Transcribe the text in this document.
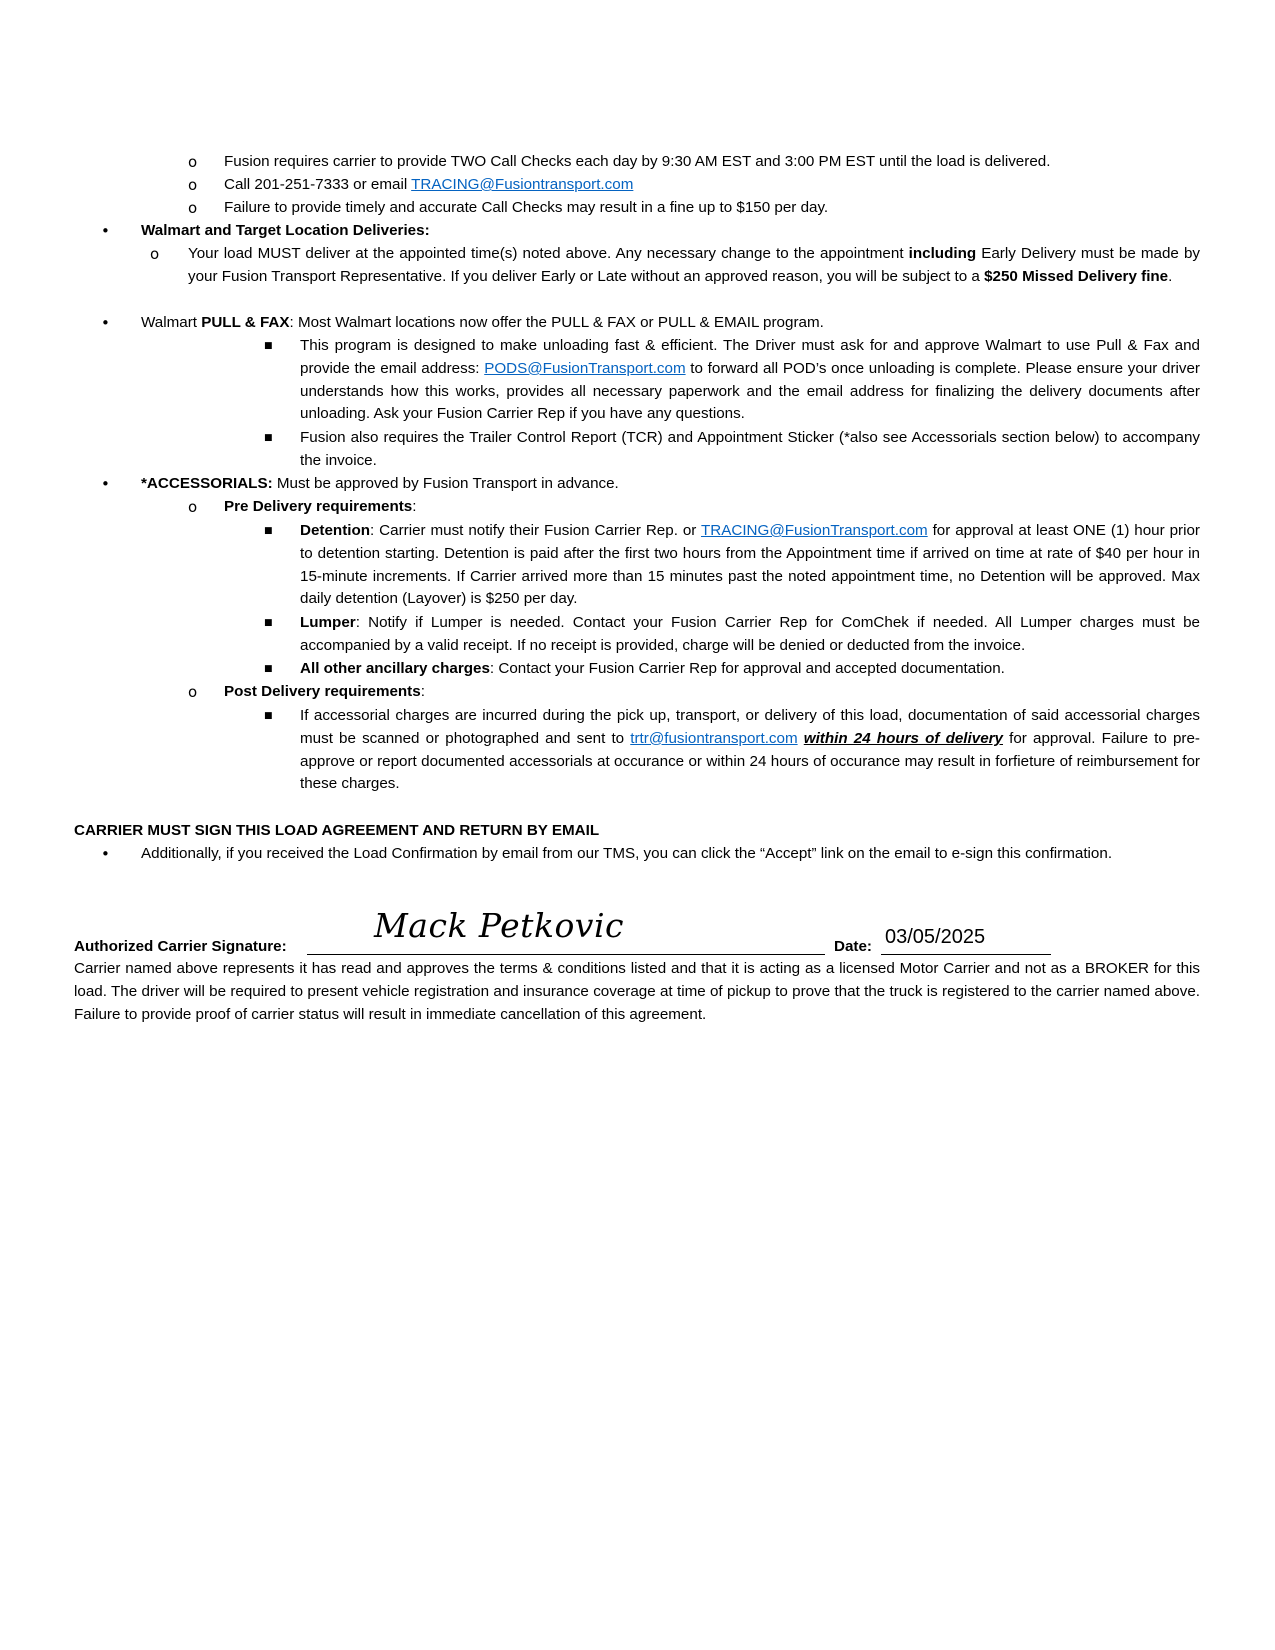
o Fusion requires carrier to provide TWO Call Checks each day by 9:30 AM EST and 3:00 PM EST until the load is delivered.
o Call 201-251-7333 or email TRACING@Fusiontransport.com
o Failure to provide timely and accurate Call Checks may result in a fine up to $150 per day.
• Walmart and Target Location Deliveries:
o Your load MUST deliver at the appointed time(s) noted above. Any necessary change to the appointment including Early Delivery must be made by your Fusion Transport Representative. If you deliver Early or Late without an approved reason, you will be subject to a $250 Missed Delivery fine.
• Walmart PULL & FAX: Most Walmart locations now offer the PULL & FAX or PULL & EMAIL program.
■ This program is designed to make unloading fast & efficient. The Driver must ask for and approve Walmart to use Pull & Fax and provide the email address: PODS@FusionTransport.com to forward all POD’s once unloading is complete. Please ensure your driver understands how this works, provides all necessary paperwork and the email address for finalizing the delivery documents after unloading. Ask your Fusion Carrier Rep if you have any questions.
■ Fusion also requires the Trailer Control Report (TCR) and Appointment Sticker (*also see Accessorials section below) to accompany the invoice.
• *ACCESSORIALS: Must be approved by Fusion Transport in advance.
o Pre Delivery requirements:
■ Detention: Carrier must notify their Fusion Carrier Rep. or TRACING@FusionTransport.com for approval at least ONE (1) hour prior to detention starting. Detention is paid after the first two hours from the Appointment time if arrived on time at rate of $40 per hour in 15-minute increments. If Carrier arrived more than 15 minutes past the noted appointment time, no Detention will be approved. Max daily detention (Layover) is $250 per day.
■ Lumper: Notify if Lumper is needed. Contact your Fusion Carrier Rep for ComChek if needed. All Lumper charges must be accompanied by a valid receipt. If no receipt is provided, charge will be denied or deducted from the invoice.
■ All other ancillary charges: Contact your Fusion Carrier Rep for approval and accepted documentation.
o Post Delivery requirements:
■ If accessorial charges are incurred during the pick up, transport, or delivery of this load, documentation of said accessorial charges must be scanned or photographed and sent to trtr@fusiontransport.com within 24 hours of delivery for approval. Failure to pre-approve or report documented accessorials at occurance or within 24 hours of occurance may result in forfieture of reimbursement for these charges.
CARRIER MUST SIGN THIS LOAD AGREEMENT AND RETURN BY EMAIL
• Additionally, if you received the Load Confirmation by email from our TMS, you can click the “Accept” link on the email to e-sign this confirmation.
Authorized Carrier Signature:
Mack Petkovic
Date: 03/05/2025
Carrier named above represents it has read and approves the terms & conditions listed and that it is acting as a licensed Motor Carrier and not as a BROKER for this load. The driver will be required to present vehicle registration and insurance coverage at time of pickup to prove that the truck is registered to the carrier named above. Failure to provide proof of carrier status will result in immediate cancellation of this agreement.
